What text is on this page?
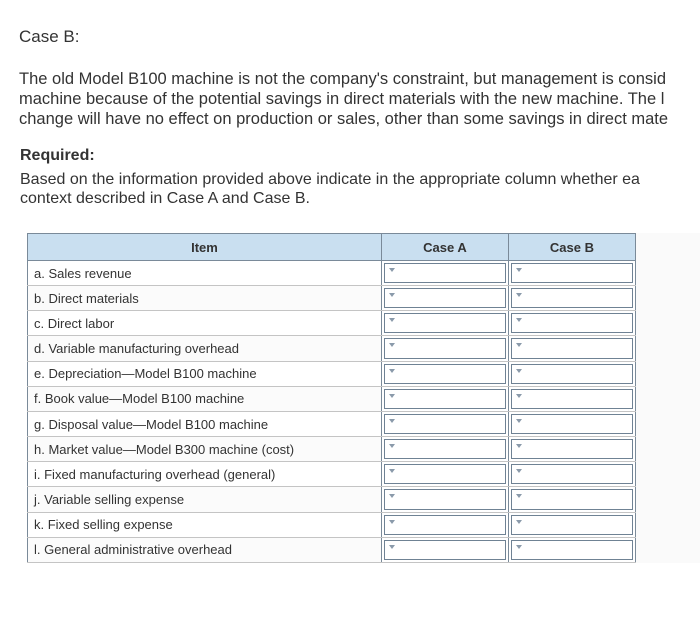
Case B:
The old Model B100 machine is not the company's constraint, but management is consid
machine because of the potential savings in direct materials with the new machine. The l
change will have no effect on production or sales, other than some savings in direct mate
Required:
Based on the information provided above indicate in the appropriate column whether ea
context described in Case A and Case B.
Item	Case A	Case B
a. Sales revenue	

b. Direct materials	

c. Direct labor	

d. Variable manufacturing overhead	

e. Depreciation—Model B100 machine	

f. Book value—Model B100 machine	

g. Disposal value—Model B100 machine	

h. Market value—Model B300 machine (cost)	

i. Fixed manufacturing overhead (general)	

j. Variable selling expense	

k. Fixed selling expense	

l. General administrative overhead	
